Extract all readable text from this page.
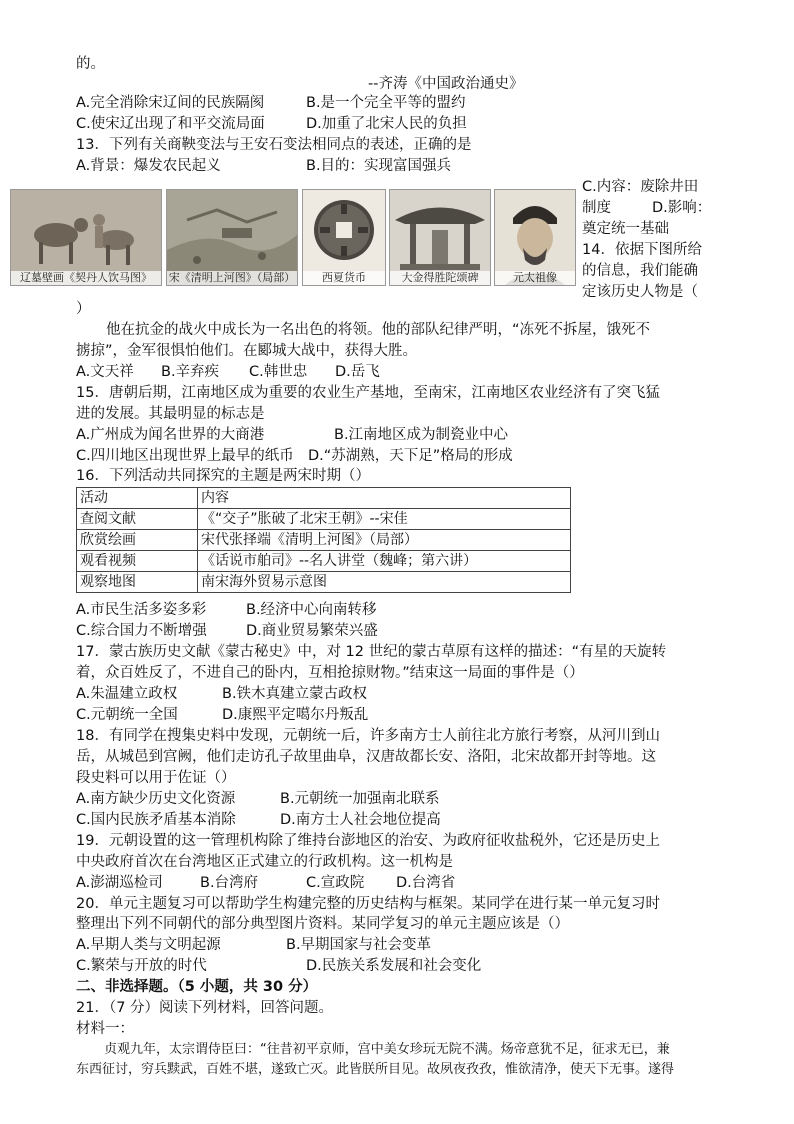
的。
--齐涛《中国政治通史》
A.完全消除宋辽间的民族隔阂	B.是一个完全平等的盟约
C.使宋辽出现了和平交流局面	D.加重了北宋人民的负担
13．下列有关商鞅变法与王安石变法相同点的表述，正确的是
A.背景：爆发农民起义	B.目的：实现富国强兵
辽墓壁画《契丹人饮马图》	宋《清明上河图》（局部）	西夏货币	大金得胜陀颂碑	元太祖像
C.内容：废除井田
制度	D.影响：
奠定统一基础
14．依据下图所给
的信息，我们能确
定该历史人物是（
）
他在抗金的战火中成长为一名出色的将领。他的部队纪律严明，“冻死不拆屋，饿死不
掳掠”，金军很惧怕他们。在郾城大战中，获得大胜。
A.文天祥 B.辛弃疾 C.韩世忠 D.岳飞
15．唐朝后期，江南地区成为重要的农业生产基地，至南宋，江南地区农业经济有了突飞猛
进的发展。其最明显的标志是
A.广州成为闻名世界的大商港	B.江南地区成为制瓷业中心
C.四川地区出现世界上最早的纸币 D.“苏湖熟，天下足”格局的形成
16．下列活动共同探究的主题是两宋时期（）
活动	内容
查阅文献	《“交子”胀破了北宋王朝》--宋佳
欣赏绘画	宋代张择端《清明上河图》（局部）
观看视频	《话说市舶司》--名人讲堂（魏峰；第六讲）
观察地图	南宋海外贸易示意图
A.市民生活多姿多彩	B.经济中心向南转移
C.综合国力不断增强	D.商业贸易繁荣兴盛
17．蒙古族历史文献《蒙古秘史》中，对 12 世纪的蒙古草原有这样的描述：“有星的天旋转
着，众百姓反了，不进自己的卧内，互相抢掠财物。”结束这一局面的事件是（）
A.朱温建立政权	B.铁木真建立蒙古政权
C.元朝统一全国	D.康熙平定噶尔丹叛乱
18．有同学在搜集史料中发现，元朝统一后，许多南方士人前往北方旅行考察，从河川到山
岳，从城邑到宫阙，他们走访孔子故里曲阜，汉唐故都长安、洛阳，北宋故都开封等地。这
段史料可以用于佐证（）
A.南方缺少历史文化资源	B.元朝统一加强南北联系
C.国内民族矛盾基本消除	D.南方士人社会地位提高
19．元朝设置的这一管理机构除了维持台澎地区的治安、为政府征收盐税外，它还是历史上
中央政府首次在台湾地区正式建立的行政机构。这一机构是
A.澎湖巡检司	B.台湾府	C.宣政院 D.台湾省
20．单元主题复习可以帮助学生构建完整的历史结构与框架。某同学在进行某一单元复习时
整理出下列不同朝代的部分典型图片资料。某同学复习的单元主题应该是（）
A.早期人类与文明起源	B.早期国家与社会变革
C.繁荣与开放的时代	D.民族关系发展和社会变化
二、非选择题。（5 小题，共 30 分）
21．（7 分）阅读下列材料，回答问题。
材料一：
贞观九年，太宗谓侍臣曰：“往昔初平京师，宫中美女珍玩无院不满。炀帝意犹不足，征求无已，兼
东西征讨，穷兵黩武，百姓不堪，遂致亡灭。此皆朕所目见。故夙夜孜孜，惟欲清净，使天下无事。遂得
